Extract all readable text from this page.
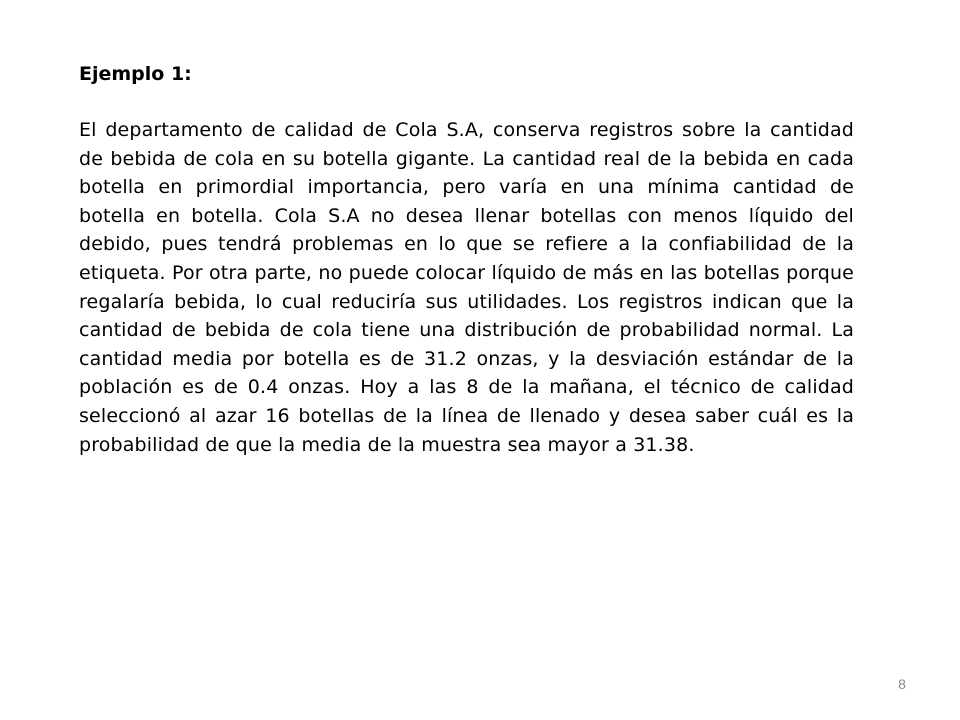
Ejemplo 1:

El departamento de calidad de Cola S.A, conserva registros sobre la cantidad de bebida de cola en su botella gigante. La cantidad real de la bebida en cada botella en primordial importancia, pero varía en una mínima cantidad de botella en botella. Cola S.A no desea llenar botellas con menos líquido del debido, pues tendrá problemas en lo que se refiere a la confiabilidad de la etiqueta. Por otra parte, no puede colocar líquido de más en las botellas porque regalaría bebida, lo cual reduciría sus utilidades. Los registros indican que la cantidad de bebida de cola tiene una distribución de probabilidad normal. La cantidad media por botella es de 31.2 onzas, y la desviación estándar de la población es de 0.4 onzas. Hoy a las 8 de la mañana, el técnico de calidad seleccionó al azar 16 botellas de la línea de llenado y desea saber cuál es la probabilidad de que la media de la muestra sea mayor a 31.38.

8
